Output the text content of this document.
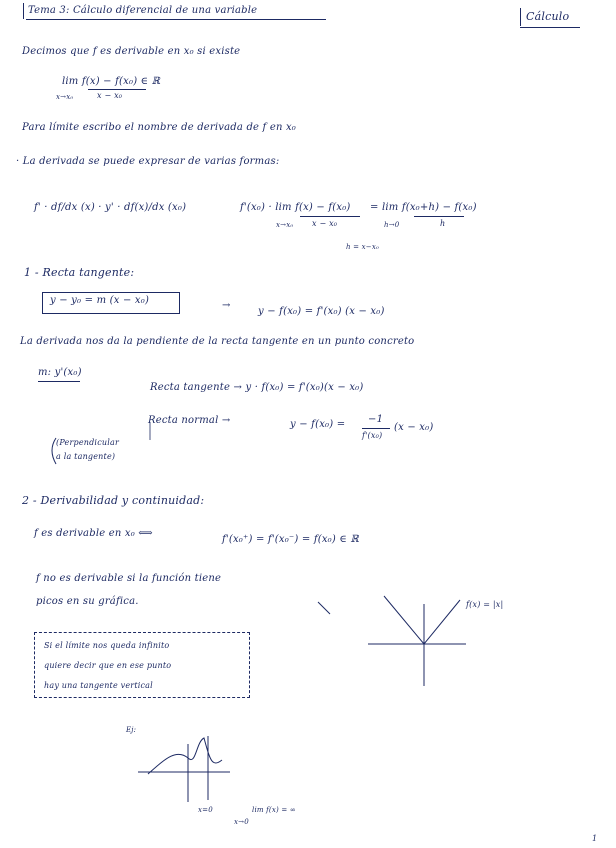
Tema 3: Cálculo diferencial de una variable	Cálculo
Decimos que f es derivable en x₀ si existe
lim f(x) − f(x₀) ∈ ℝ
x − x₀
x→x₀
Para límite escribo el nombre de derivada de f en x₀
· La derivada se puede expresar de varias formas:
f' · df/dx (x) · y' · df(x)/dx (x₀)	f'(x₀) · lim f(x) − f(x₀)
x − x₀
= lim f(x₀+h) − f(x₀)
h
x→x₀	h→0
h = x−x₀
1 - Recta tangente:
y − y₀ = m (x − x₀)	→
y − f(x₀) = f'(x₀) (x − x₀)
La derivada nos da la pendiente de la recta tangente en un punto concreto
m: y'(x₀)
Recta tangente → y · f(x₀) = f'(x₀)(x − x₀)
Recta normal →	y − f(x₀) = −1
f'(x₀)
(x − x₀)
(Perpendicular
a la tangente)
2 - Derivabilidad y continuidad:
f es derivable en x₀ ⟺
f'(x₀⁺) = f'(x₀⁻) = f(x₀) ∈ ℝ
f no es derivable si la función tiene
picos en su gráfica.	f(x) = |x|
Si el límite nos queda infinito
quiere decir que en ese punto
hay una tangente vertical
Ej:
x=0	lim f(x) = ∞
x→0
1
